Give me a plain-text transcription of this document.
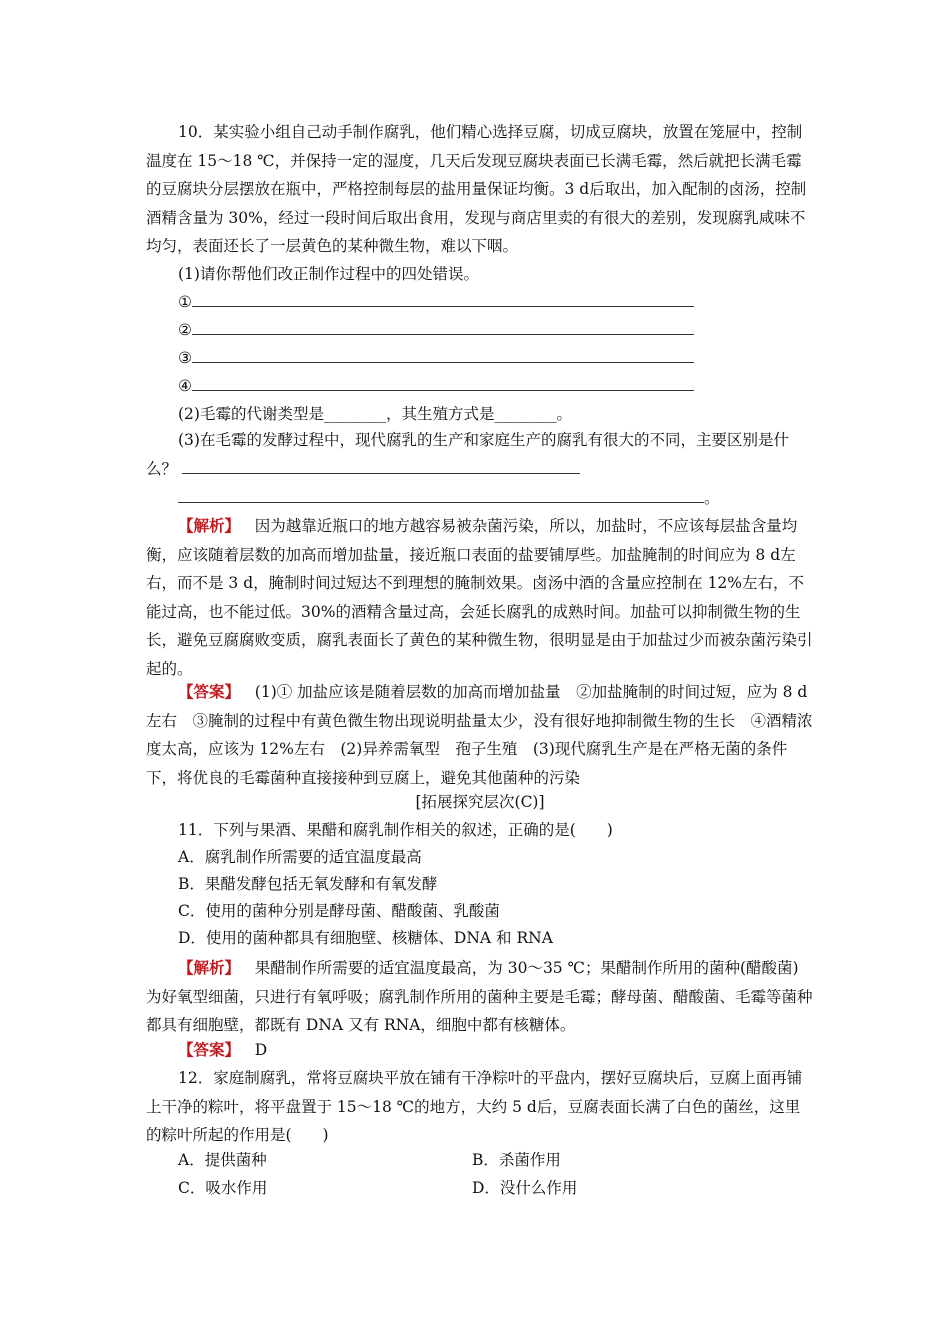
10．某实验小组自己动手制作腐乳，他们精心选择豆腐，切成豆腐块，放置在笼屉中，控制温度在 15～18 ℃，并保持一定的湿度，几天后发现豆腐块表面已长满毛霉，然后就把长满毛霉的豆腐块分层摆放在瓶中，严格控制每层的盐用量保证均衡。3 d后取出，加入配制的卤汤，控制酒精含量为 30%，经过一段时间后取出食用，发现与商店里卖的有很大的差别，发现腐乳咸味不均匀，表面还长了一层黄色的某种微生物，难以下咽。

(1)请你帮他们改正制作过程中的四处错误。
①
②
③
④
(2)毛霉的代谢类型是________，其生殖方式是________。

(3)在毛霉的发酵过程中，现代腐乳的生产和家庭生产的腐乳有很大的不同，主要区别是什么？

。

【解析】 因为越靠近瓶口的地方越容易被杂菌污染，所以，加盐时，不应该每层盐含量均衡，应该随着层数的加高而增加盐量，接近瓶口表面的盐要铺厚些。加盐腌制的时间应为 8 d左右，而不是 3 d，腌制时间过短达不到理想的腌制效果。卤汤中酒的含量应控制在 12%左右，不能过高，也不能过低。30%的酒精含量过高，会延长腐乳的成熟时间。加盐可以抑制微生物的生长，避免豆腐腐败变质，腐乳表面长了黄色的某种微生物，很明显是由于加盐过少而被杂菌污染引起的。

【答案】 (1)① 加盐应该是随着层数的加高而增加盐量　②加盐腌制的时间过短，应为 8 d左右　③腌制的过程中有黄色微生物出现说明盐量太少，没有很好地抑制微生物的生长　④酒精浓度太高，应该为 12%左右　(2)异养需氧型　孢子生殖　(3)现代腐乳生产是在严格无菌的条件下，将优良的毛霉菌种直接接种到豆腐上，避免其他菌种的污染

[拓展探究层次(C)]
11．下列与果酒、果醋和腐乳制作相关的叙述，正确的是(　　)
A．腐乳制作所需要的适宜温度最高
B．果醋发酵包括无氧发酵和有氧发酵
C．使用的菌种分别是酵母菌、醋酸菌、乳酸菌
D．使用的菌种都具有细胞壁、核糖体、DNA 和 RNA

【解析】 果醋制作所需要的适宜温度最高，为 30～35 ℃；果醋制作所用的菌种(醋酸菌)为好氧型细菌，只进行有氧呼吸；腐乳制作所用的菌种主要是毛霉；酵母菌、醋酸菌、毛霉等菌种都具有细胞壁，都既有 DNA 又有 RNA，细胞中都有核糖体。

【答案】 D

12．家庭制腐乳，常将豆腐块平放在铺有干净粽叶的平盘内，摆好豆腐块后，豆腐上面再铺上干净的粽叶，将平盘置于 15～18 ℃的地方，大约 5 d后，豆腐表面长满了白色的菌丝，这里的粽叶所起的作用是(　　)

A．提供菌种	B．杀菌作用
C．吸水作用	D．没什么作用
